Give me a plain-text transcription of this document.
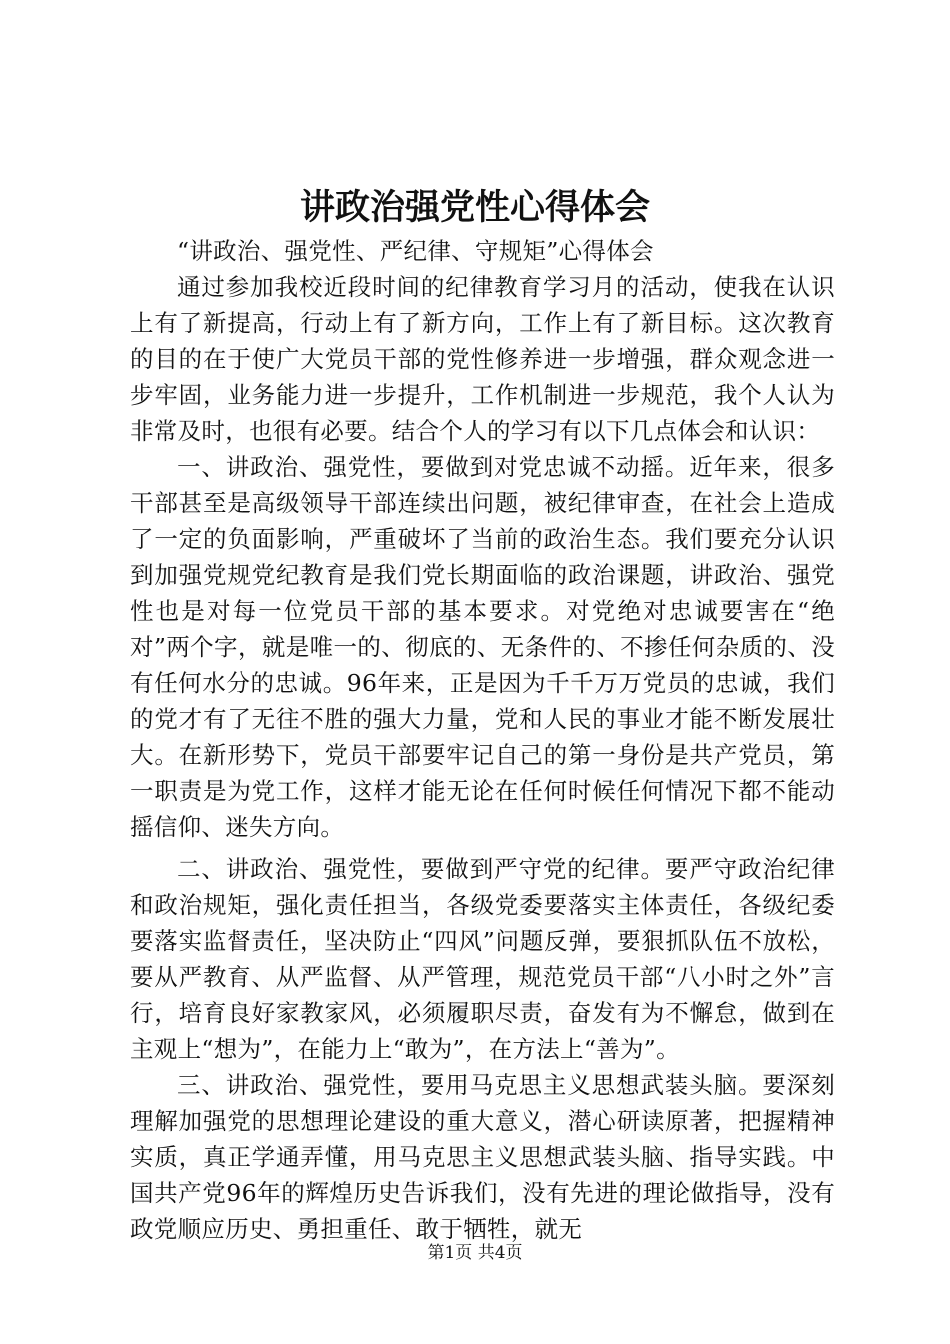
讲政治强党性心得体会

“讲政治、强党性、严纪律、守规矩”心得体会

通过参加我校近段时间的纪律教育学习月的活动，使我在认识上有了新提高，行动上有了新方向，工作上有了新目标。这次教育的目的在于使广大党员干部的党性修养进一步增强，群众观念进一步牢固，业务能力进一步提升，工作机制进一步规范，我个人认为非常及时，也很有必要。结合个人的学习有以下几点体会和认识：

一、讲政治、强党性，要做到对党忠诚不动摇。近年来，很多干部甚至是高级领导干部连续出问题，被纪律审查，在社会上造成了一定的负面影响，严重破坏了当前的政治生态。我们要充分认识到加强党规党纪教育是我们党长期面临的政治课题，讲政治、强党性也是对每一位党员干部的基本要求。对党绝对忠诚要害在“绝对”两个字，就是唯一的、彻底的、无条件的、不掺任何杂质的、没有任何水分的忠诚。96年来，正是因为千千万万党员的忠诚，我们的党才有了无往不胜的强大力量，党和人民的事业才能不断发展壮大。在新形势下，党员干部要牢记自己的第一身份是共产党员，第一职责是为党工作，这样才能无论在任何时候任何情况下都不能动摇信仰、迷失方向。

二、讲政治、强党性，要做到严守党的纪律。要严守政治纪律和政治规矩，强化责任担当，各级党委要落实主体责任，各级纪委要落实监督责任，坚决防止“四风”问题反弹，要狠抓队伍不放松，要从严教育、从严监督、从严管理，规范党员干部“八小时之外”言行，培育良好家教家风，必须履职尽责，奋发有为不懈怠，做到在主观上“想为”，在能力上“敢为”，在方法上“善为”。

三、讲政治、强党性，要用马克思主义思想武装头脑。要深刻理解加强党的思想理论建设的重大意义，潜心研读原著，把握精神实质，真正学通弄懂，用马克思主义思想武装头脑、指导实践。中国共产党96年的辉煌历史告诉我们，没有先进的理论做指导，没有政党顺应历史、勇担重任、敢于牺牲，就无

第1页 共4页
